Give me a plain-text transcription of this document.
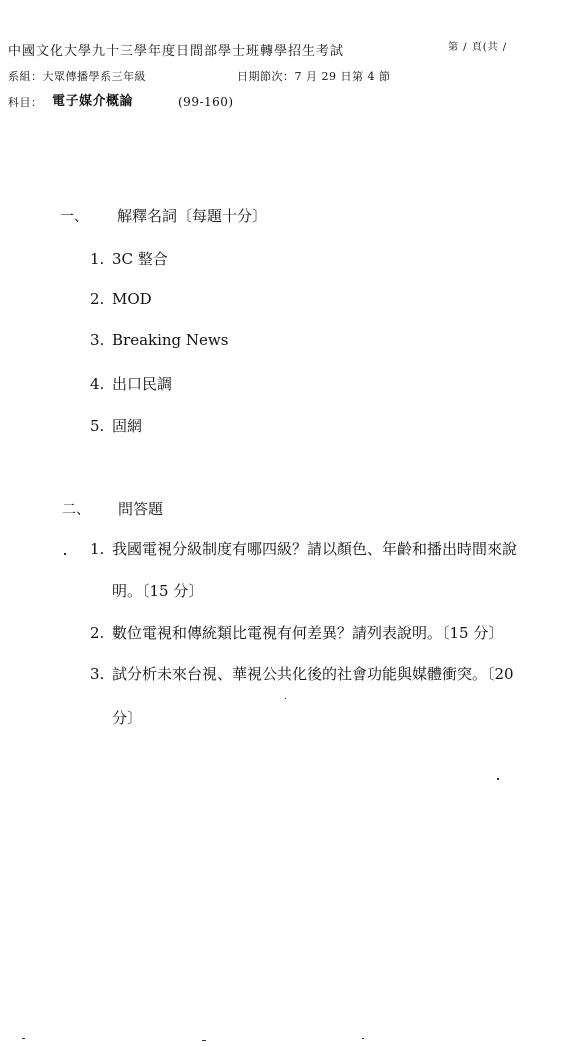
中國文化大學九十三學年度日間部學士班轉學招生考試	第 / 頁(共 /
系組：大眾傳播學系三年級	日期節次：7 月 29 日第 4 節
科目： 電子媒介概論	(99-160)
一、 解釋名詞〔每題十分〕
1. 3C 整合
2. MOD
3. Breaking News
4. 出口民調
5. 固網
二、 問答題
1. 我國電視分級制度有哪四級？請以顏色、年齡和播出時間來說
明。〔15 分〕
2. 數位電視和傳統類比電視有何差異？請列表說明。〔15 分〕
3. 試分析未來台視、華視公共化後的社會功能與媒體衝突。〔20
分〕
